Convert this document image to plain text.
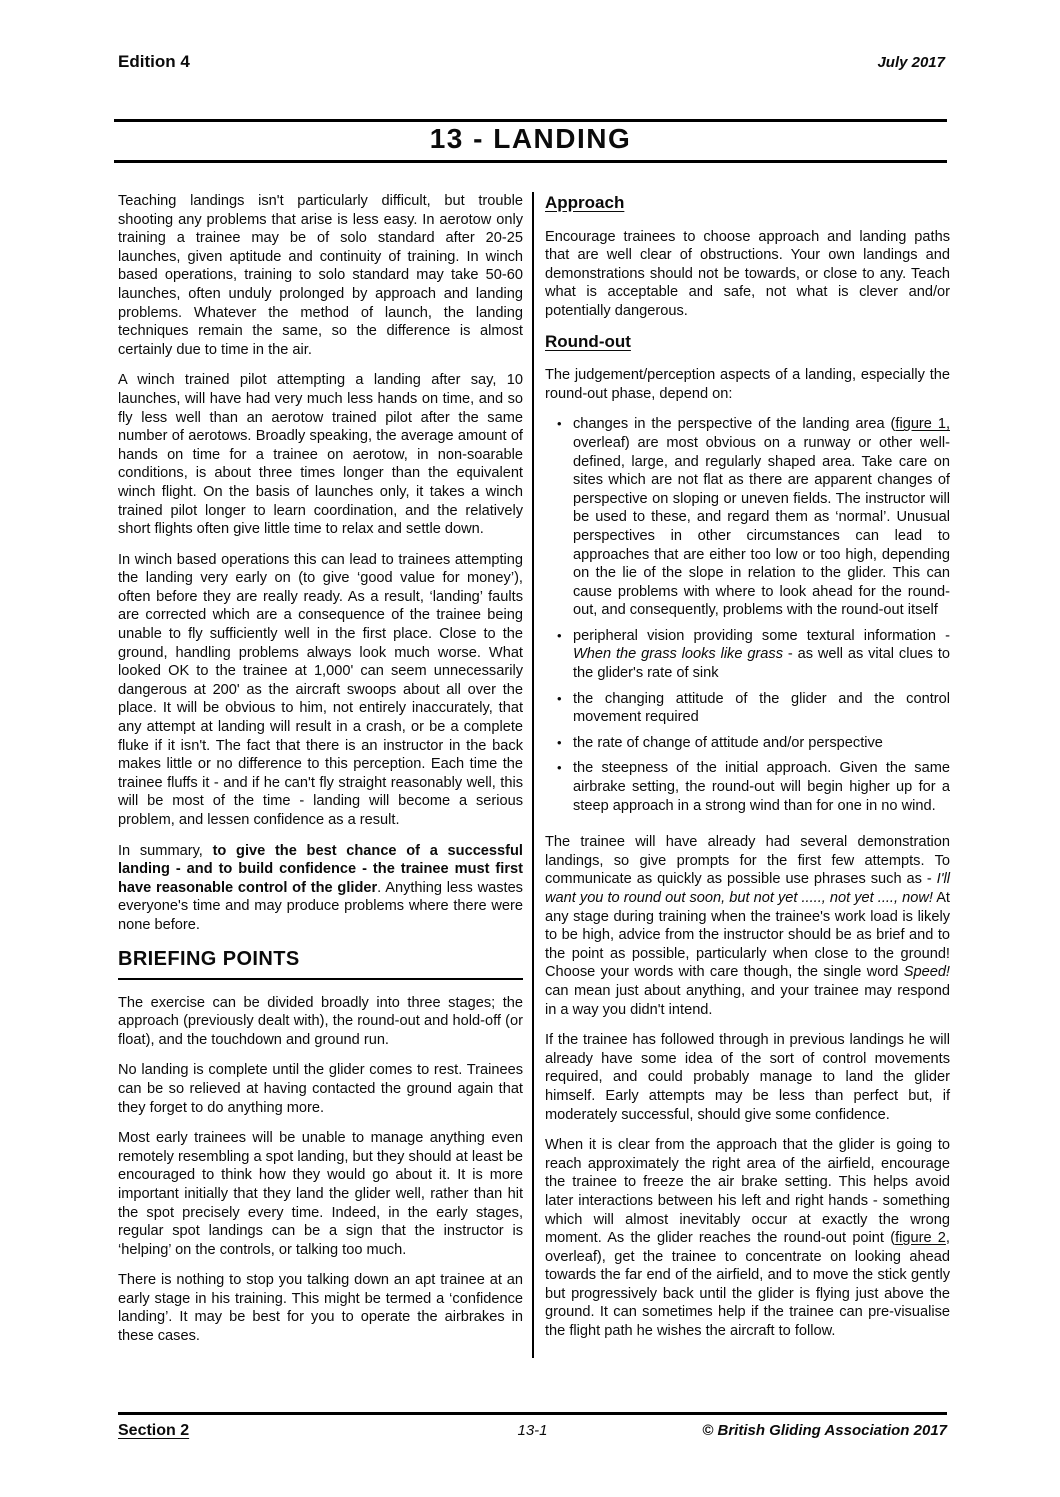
Edition 4	July 2017
13 - LANDING

Teaching landings isn't particularly difficult, but trouble shooting any problems that arise is less easy. In aerotow only training a trainee may be of solo standard after 20-25 launches, given aptitude and continuity of training. In winch based operations, training to solo standard may take 50-60 launches, often unduly prolonged by approach and landing problems. Whatever the method of launch, the landing techniques remain the same, so the difference is almost certainly due to time in the air.

A winch trained pilot attempting a landing after say, 10 launches, will have had very much less hands on time, and so fly less well than an aerotow trained pilot after the same number of aerotows. Broadly speaking, the average amount of hands on time for a trainee on aerotow, in non-soarable conditions, is about three times longer than the equivalent winch flight. On the basis of launches only, it takes a winch trained pilot longer to learn coordination, and the relatively short flights often give little time to relax and settle down.

In winch based operations this can lead to trainees attempting the landing very early on (to give ‘good value for money’), often before they are really ready. As a result, ‘landing’ faults are corrected which are a consequence of the trainee being unable to fly sufficiently well in the first place. Close to the ground, handling problems always look much worse. What looked OK to the trainee at 1,000' can seem unnecessarily dangerous at 200' as the aircraft swoops about all over the place. It will be obvious to him, not entirely inaccurately, that any attempt at landing will result in a crash, or be a complete fluke if it isn't. The fact that there is an instructor in the back makes little or no difference to this perception. Each time the trainee fluffs it - and if he can't fly straight reasonably well, this will be most of the time - landing will become a serious problem, and lessen confidence as a result.

In summary, to give the best chance of a successful landing - and to build confidence - the trainee must first have reasonable control of the glider. Anything less wastes everyone's time and may produce problems where there were none before.

BRIEFING POINTS

The exercise can be divided broadly into three stages; the approach (previously dealt with), the round-out and hold-off (or float), and the touchdown and ground run.

No landing is complete until the glider comes to rest. Trainees can be so relieved at having contacted the ground again that they forget to do anything more.

Most early trainees will be unable to manage anything even remotely resembling a spot landing, but they should at least be encouraged to think how they would go about it. It is more important initially that they land the glider well, rather than hit the spot precisely every time. Indeed, in the early stages, regular spot landings can be a sign that the instructor is ‘helping’ on the controls, or talking too much.

There is nothing to stop you talking down an apt trainee at an early stage in his training. This might be termed a ‘confidence landing’. It may be best for you to operate the airbrakes in these cases.

Approach

Encourage trainees to choose approach and landing paths that are well clear of obstructions. Your own landings and demonstrations should not be towards, or close to any. Teach what is acceptable and safe, not what is clever and/or potentially dangerous.

Round-out

The judgement/perception aspects of a landing, especially the round-out phase, depend on:

• changes in the perspective of the landing area (figure 1, overleaf) are most obvious on a runway or other well-defined, large, and regularly shaped area. Take care on sites which are not flat as there are apparent changes of perspective on sloping or uneven fields. The instructor will be used to these, and regard them as ‘normal’. Unusual perspectives in other circumstances can lead to approaches that are either too low or too high, depending on the lie of the slope in relation to the glider. This can cause problems with where to look ahead for the round-out, and consequently, problems with the round-out itself
• peripheral vision providing some textural information - When the grass looks like grass - as well as vital clues to the glider's rate of sink
• the changing attitude of the glider and the control movement required
• the rate of change of attitude and/or perspective
• the steepness of the initial approach. Given the same airbrake setting, the round-out will begin higher up for a steep approach in a strong wind than for one in no wind.

The trainee will have already had several demonstration landings, so give prompts for the first few attempts. To communicate as quickly as possible use phrases such as - I'll want you to round out soon, but not yet ....., not yet ...., now! At any stage during training when the trainee's work load is likely to be high, advice from the instructor should be as brief and to the point as possible, particularly when close to the ground! Choose your words with care though, the single word Speed! can mean just about anything, and your trainee may respond in a way you didn't intend.

If the trainee has followed through in previous landings he will already have some idea of the sort of control movements required, and could probably manage to land the glider himself. Early attempts may be less than perfect but, if moderately successful, should give some confidence.

When it is clear from the approach that the glider is going to reach approximately the right area of the airfield, encourage the trainee to freeze the air brake setting. This helps avoid later interactions between his left and right hands - something which will almost inevitably occur at exactly the wrong moment. As the glider reaches the round-out point (figure 2, overleaf), get the trainee to concentrate on looking ahead towards the far end of the airfield, and to move the stick gently but progressively back until the glider is flying just above the ground. It can sometimes help if the trainee can pre-visualise the flight path he wishes the aircraft to follow.

Section 2	13-1	© British Gliding Association 2017
